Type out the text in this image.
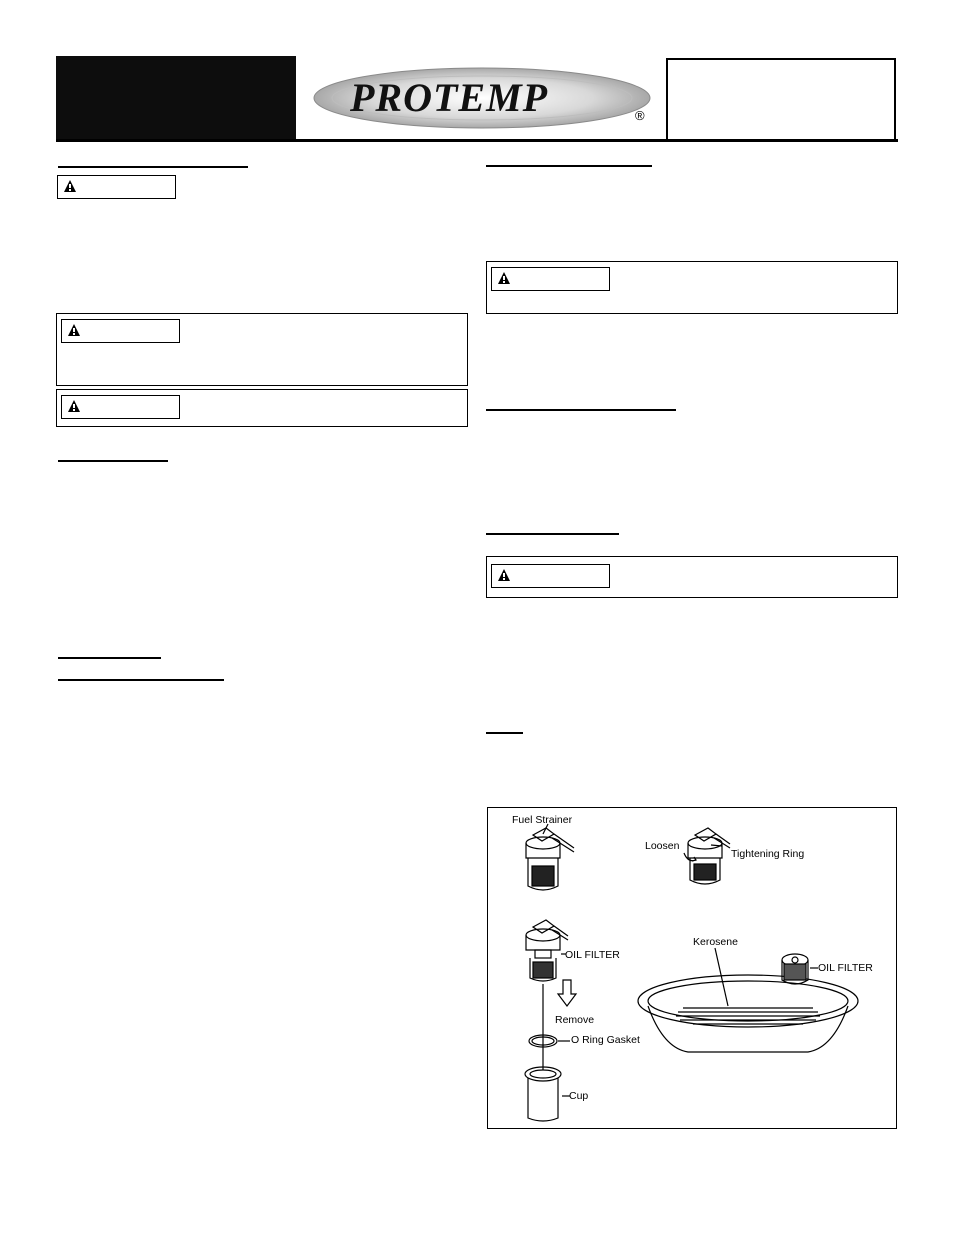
PROTEMP	®
Fuel Strainer
Loosen
Tightening Ring
OIL FILTER
Remove
O Ring Gasket
Cup
Kerosene
OIL FILTER
